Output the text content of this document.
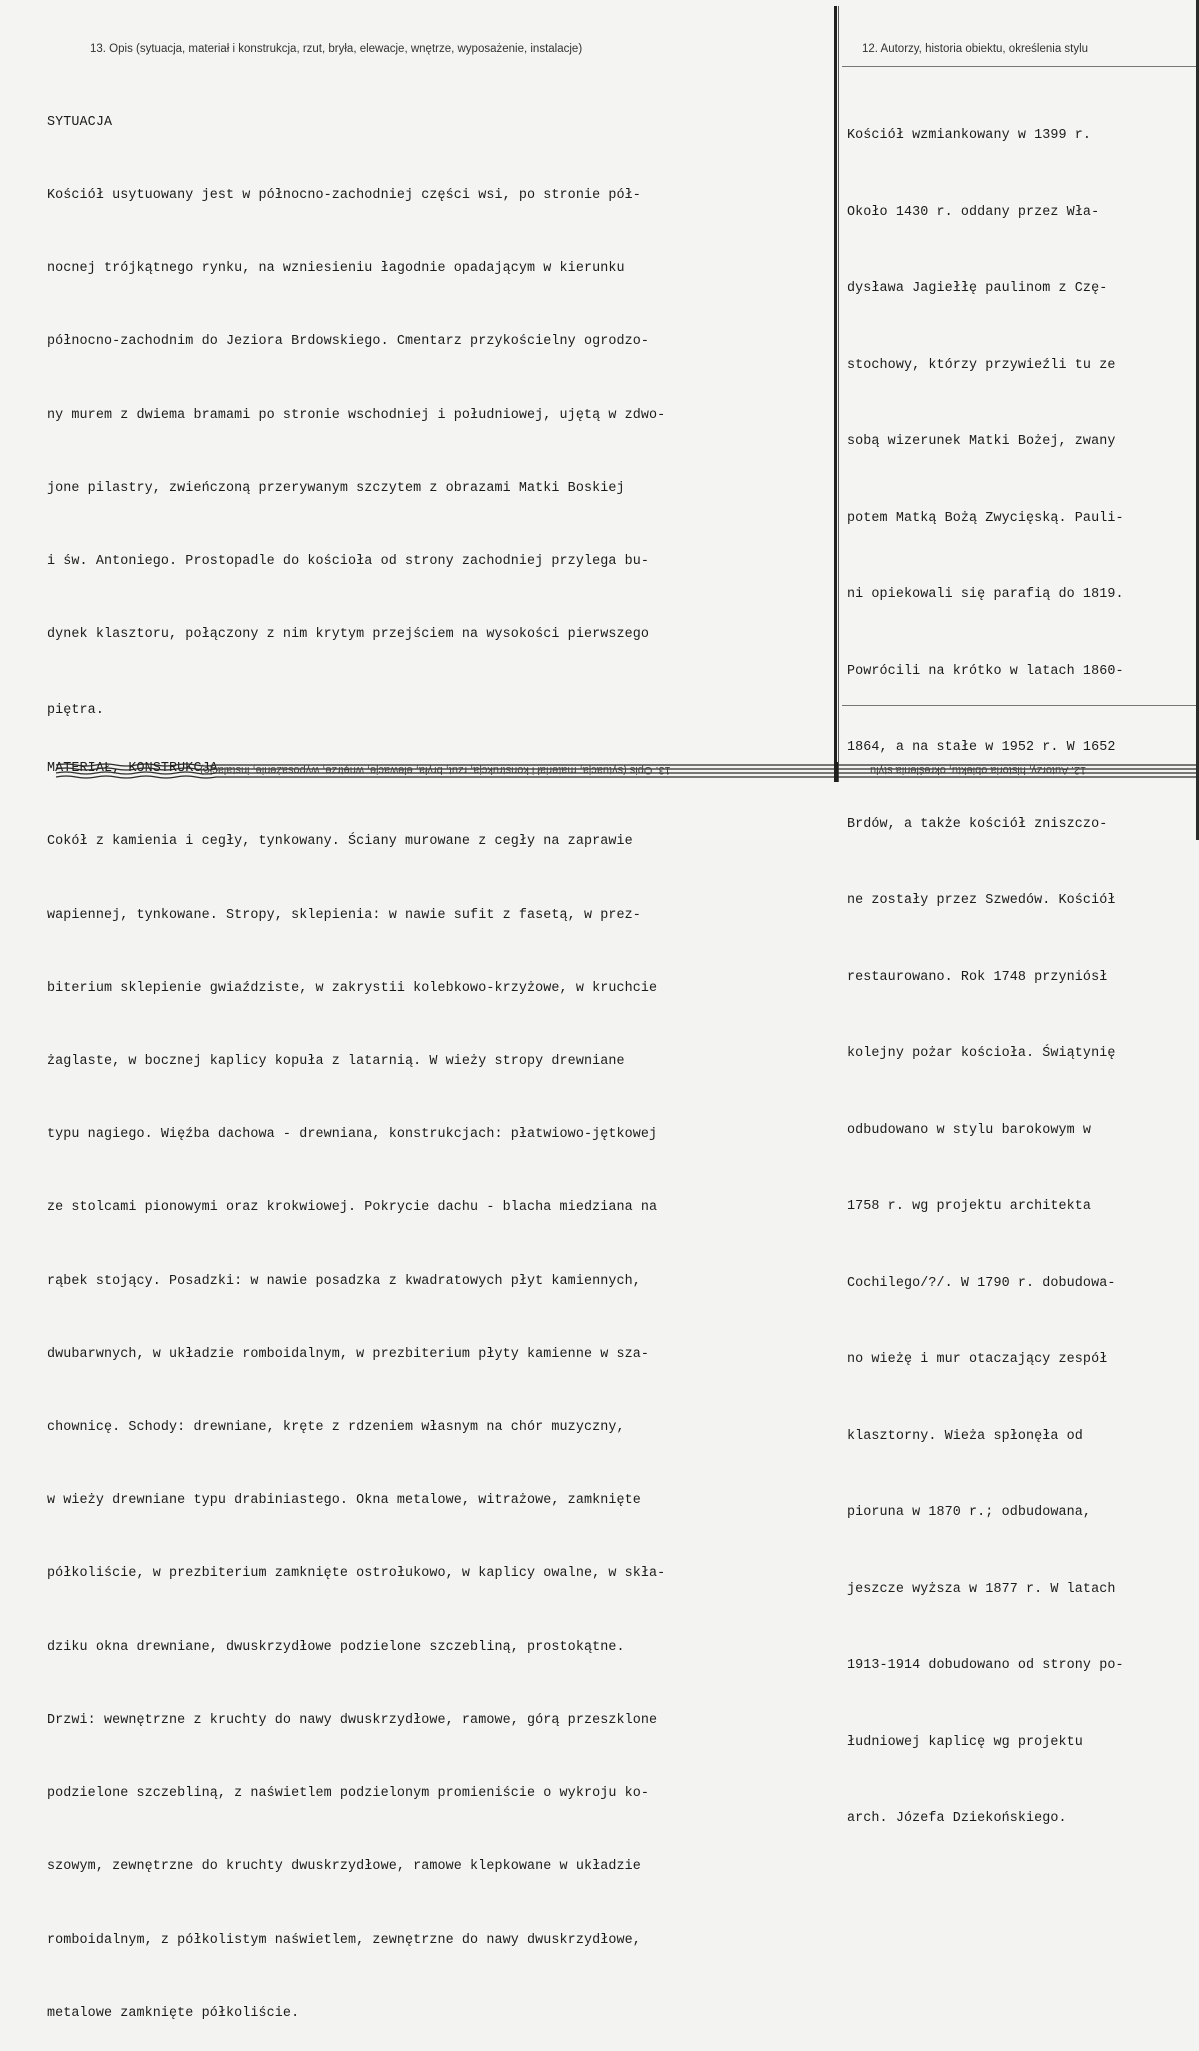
13. Opis (sytuacja, materiał i konstrukcja, rzut, bryła, elewacje, wnętrze, wyposażenie, instalacje)	12. Autorzy, historia obiektu, określenia stylu

SYTUACJA

Kościół usytuowany jest w północno-zachodniej części wsi, po stronie pół-

nocnej trójkątnego rynku, na wzniesieniu łagodnie opadającym w kierunku

północno-zachodnim do Jeziora Brdowskiego. Cmentarz przykościelny ogrodzo-

ny murem z dwiema bramami po stronie wschodniej i południowej, ujętą w zdwo-

jone pilastry, zwieńczoną przerywanym szczytem z obrazami Matki Boskiej

i św. Antoniego. Prostopadle do kościoła od strony zachodniej przylega bu-

dynek klasztoru, połączony z nim krytym przejściem na wysokości pierwszego

piętra.

MATERIAŁ, KONSTRUKCJA

Cokół z kamienia i cegły, tynkowany. Ściany murowane z cegły na zaprawie

wapiennej, tynkowane. Stropy, sklepienia: w nawie sufit z fasetą, w prez-

biterium sklepienie gwiaździste, w zakrystii kolebkowo-krzyżowe, w kruchcie

żaglaste, w bocznej kaplicy kopuła z latarnią. W wieży stropy drewniane

typu nagiego. Więźba dachowa - drewniana, konstrukcjach: płatwiowo-jętkowej

ze stolcami pionowymi oraz krokwiowej. Pokrycie dachu - blacha miedziana na

rąbek stojący. Posadzki: w nawie posadzka z kwadratowych płyt kamiennych,

dwubarwnych, w układzie romboidalnym, w prezbiterium płyty kamienne w sza-

chownicę. Schody: drewniane, kręte z rdzeniem własnym na chór muzyczny,

w wieży drewniane typu drabiniastego. Okna metalowe, witrażowe, zamknięte

półkoliście, w prezbiterium zamknięte ostrołukowo, w kaplicy owalne, w skła-

dziku okna drewniane, dwuskrzydłowe podzielone szczebliną, prostokątne.

Drzwi: wewnętrzne z kruchty do nawy dwuskrzydłowe, ramowe, górą przeszklone

podzielone szczebliną, z naświetlem podzielonym promieniście o wykroju ko-

szowym, zewnętrzne do kruchty dwuskrzydłowe, ramowe klepkowane w układzie

romboidalnym, z półkolistym naświetlem, zewnętrzne do nawy dwuskrzydłowe,

metalowe zamknięte półkoliście.

Kościół wzmiankowany w 1399 r.

Około 1430 r. oddany przez Wła-

dysława Jagiełłę paulinom z Czę-

stochowy, którzy przywieźli tu ze

sobą wizerunek Matki Bożej, zwany

potem Matką Bożą Zwycięską. Pauli-

ni opiekowali się parafią do 1819.

Powrócili na krótko w latach 1860-

1864, a na stałe w 1952 r. W 1652

Brdów, a także kościół zniszczo-

ne zostały przez Szwedów. Kościół

restaurowano. Rok 1748 przyniósł

kolejny pożar kościoła. Świątynię

odbudowano w stylu barokowym w

1758 r. wg projektu architekta

Cochilego/?/. W 1790 r. dobudowa-

no wieżę i mur otaczający zespół

klasztorny. Wieża spłonęła od

pioruna w 1870 r.; odbudowana,

jeszcze wyższa w 1877 r. W latach

1913-1914 dobudowano od strony po-

łudniowej kaplicę wg projektu

arch. Józefa Dziekońskiego.

13. Opis (sytuacja, materiał i konstrukcja, rzut, bryła, elewacje, wnętrze, wyposażenie, instalacje)	12. Autorzy, historia obiektu, określenia stylu
